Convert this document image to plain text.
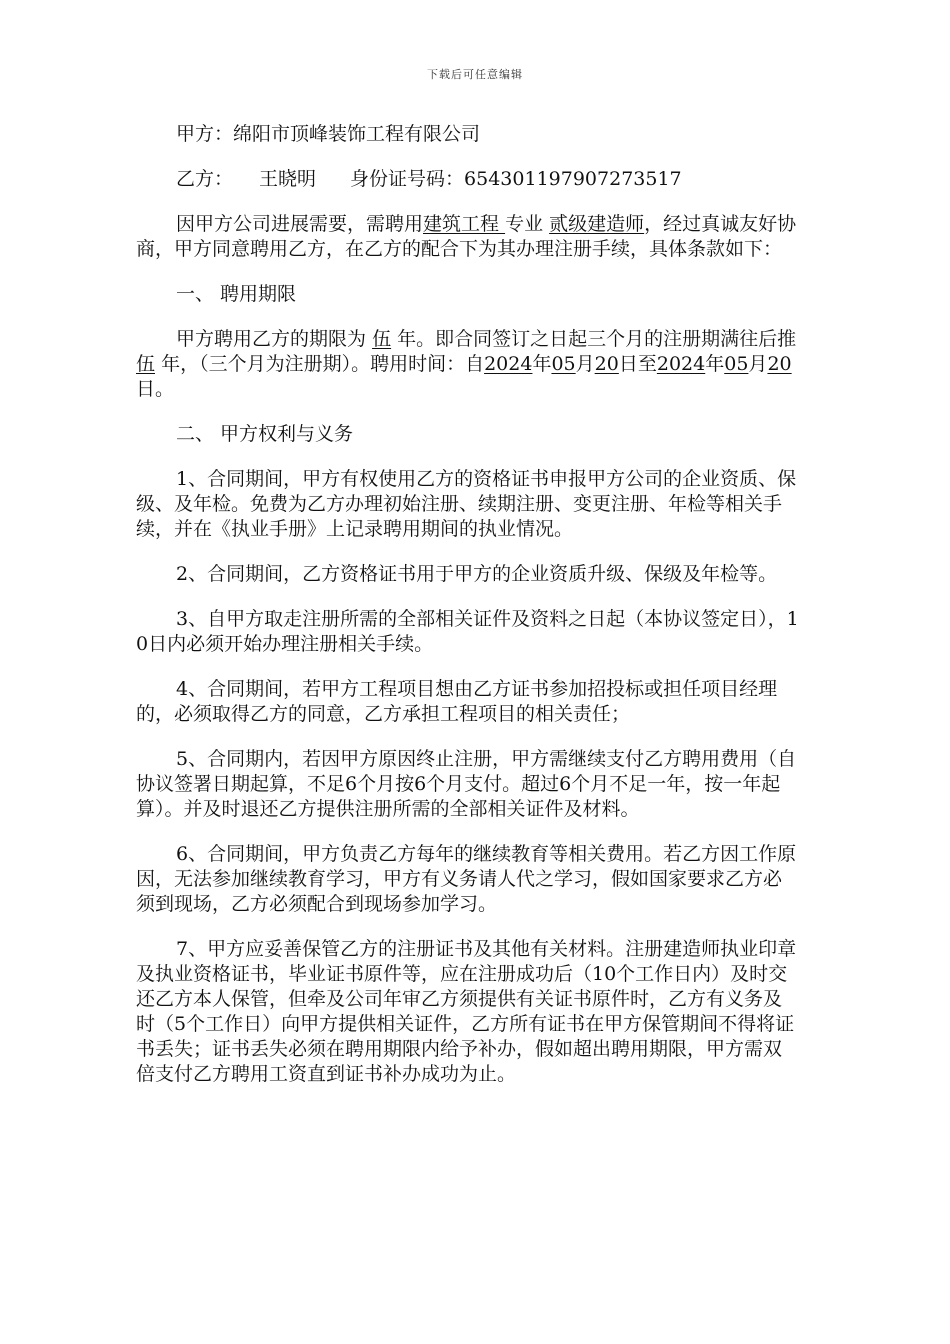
下载后可任意编辑

甲方：绵阳市顶峰装饰工程有限公司

乙方： 王晓明 身份证号码：654301197907273517

因甲方公司进展需要，需聘用建筑工程 专业 贰级建造师，经过真诚友好协商，甲方同意聘用乙方，在乙方的配合下为其办理注册手续，具体条款如下：

一、 聘用期限

甲方聘用乙方的期限为 伍 年。即合同签订之日起三个月的注册期满往后推 伍 年，（三个月为注册期）。聘用时间：自2024年05月20日至2024年05月20日。

二、 甲方权利与义务

1、合同期间，甲方有权使用乙方的资格证书申报甲方公司的企业资质、保级、及年检。免费为乙方办理初始注册、续期注册、变更注册、年检等相关手续，并在《执业手册》上记录聘用期间的执业情况。

2、合同期间，乙方资格证书用于甲方的企业资质升级、保级及年检等。

3、自甲方取走注册所需的全部相关证件及资料之日起（本协议签定日），10日内必须开始办理注册相关手续。

4、合同期间，若甲方工程项目想由乙方证书参加招投标或担任项目经理的，必须取得乙方的同意，乙方承担工程项目的相关责任；

5、合同期内，若因甲方原因终止注册，甲方需继续支付乙方聘用费用（自协议签署日期起算，不足6个月按6个月支付。超过6个月不足一年，按一年起算）。并及时退还乙方提供注册所需的全部相关证件及材料。

6、合同期间，甲方负责乙方每年的继续教育等相关费用。若乙方因工作原因，无法参加继续教育学习，甲方有义务请人代之学习，假如国家要求乙方必须到现场，乙方必须配合到现场参加学习。

7、甲方应妥善保管乙方的注册证书及其他有关材料。注册建造师执业印章及执业资格证书，毕业证书原件等，应在注册成功后（10个工作日内）及时交还乙方本人保管，但牵及公司年审乙方须提供有关证书原件时，乙方有义务及时（5个工作日）向甲方提供相关证件，乙方所有证书在甲方保管期间不得将证书丢失；证书丢失必须在聘用期限内给予补办，假如超出聘用期限，甲方需双倍支付乙方聘用工资直到证书补办成功为止。
